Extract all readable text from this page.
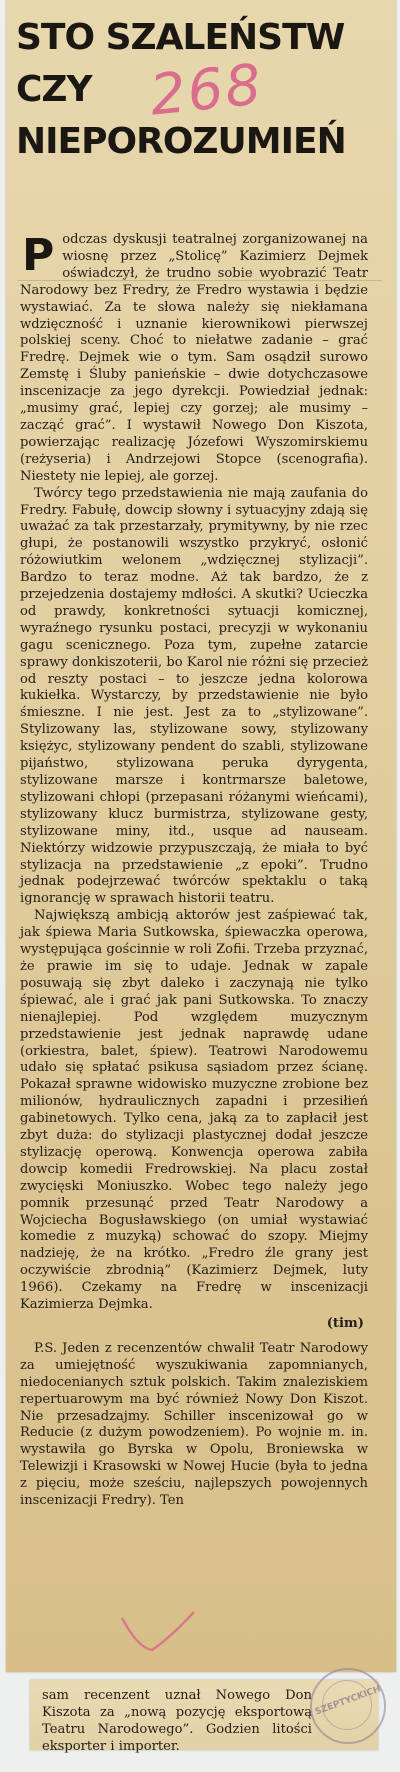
STO SZALEŃSTW
CZY
NIEPOROZUMIEŃ
268
P odczas dyskusji teatralnej zorganizowanej na wiosnę przez „Stolicę” Kazimierz Dejmek oświadczył, że trudno sobie wyobrazić Teatr Narodowy bez Fredry, że Fredro wystawia i będzie wystawiać. Za te słowa należy się niekłamana wdzięczność i uznanie kierownikowi pierwszej polskiej sceny. Choć to niełatwe zadanie – grać Fredrę. Dejmek wie o tym. Sam osądził surowo Zemstę i Śluby panieńskie – dwie dotychczasowe inscenizacje za jego dyrekcji. Powiedział jednak: „musimy grać, lepiej czy gorzej; ale musimy – zacząć grać”. I wystawił Nowego Don Kiszota, powierzając realizację Józefowi Wyszomirskiemu (reżyseria) i Andrzejowi Stopce (scenografia). Niestety nie lepiej, ale gorzej.

Twórcy tego przedstawienia nie mają zaufania do Fredry. Fabułę, dowcip słowny i sytuacyjny zdają się uważać za tak przestarzały, prymitywny, by nie rzec głupi, że postanowili wszystko przykryć, osłonić różowiutkim welonem „wdzięcznej stylizacji”. Bardzo to teraz modne. Aż tak bardzo, że z przejedzenia dostajemy mdłości. A skutki? Ucieczka od prawdy, konkretności sytuacji komicznej, wyraźnego rysunku postaci, precyzji w wykonaniu gagu scenicznego. Poza tym, zupełne zatarcie sprawy donkiszoterii, bo Karol nie różni się przecież od reszty postaci – to jeszcze jedna kolorowa kukiełka. Wystarczy, by przedstawienie nie było śmieszne. I nie jest. Jest za to „stylizowane”. Stylizowany las, stylizowane sowy, stylizowany księżyc, stylizowany pendent do szabli, stylizowane pijaństwo, stylizowana peruka dyrygenta, stylizowane marsze i kontrmarsze baletowe, stylizowani chłopi (przepasani różanymi wieńcami), stylizowany klucz burmistrza, stylizowane gesty, stylizowane miny, itd., usque ad nauseam. Niektórzy widzowie przypuszczają, że miała to być stylizacja na przedstawienie „z epoki”. Trudno jednak podejrzewać twórców spektaklu o taką ignorancję w sprawach historii teatru.

Największą ambicją aktorów jest zaśpiewać tak, jak śpiewa Maria Sutkowska, śpiewaczka operowa, występująca gościnnie w roli Zofii. Trzeba przyznać, że prawie im się to udaje. Jednak w zapale posuwają się zbyt daleko i zaczynają nie tylko śpiewać, ale i grać jak pani Sutkowska. To znaczy nienajlepiej. Pod względem muzycznym przedstawienie jest jednak naprawdę udane (orkiestra, balet, śpiew). Teatrowi Narodowemu udało się spłatać psikusa sąsiadom przez ścianę. Pokazał sprawne widowisko muzyczne zrobione bez milionów, hydraulicznych zapadni i przesiłień gabinetowych. Tylko cena, jaką za to zapłacił jest zbyt duża: do stylizacji plastycznej dodał jeszcze stylizację operową. Konwencja operowa zabiła dowcip komedii Fredrowskiej. Na placu został zwycięski Moniuszko. Wobec tego należy jego pomnik przesunąć przed Teatr Narodowy a Wojciecha Bogusławskiego (on umiał wystawiać komedie z muzyką) schować do szopy. Miejmy nadzieję, że na krótko. „Fredro źle grany jest oczywiście zbrodnią” (Kazimierz Dejmek, luty 1966). Czekamy na Fredrę w inscenizacji Kazimierza Dejmka.

(tim)

P.S. Jeden z recenzentów chwalił Teatr Narodowy za umiejętność wyszukiwania zapomnianych, niedocenianych sztuk polskich. Takim znaleziskiem repertuarowym ma być również Nowy Don Kiszot. Nie przesadzajmy. Schiller inscenizował go w Reducie (z dużym powodzeniem). Po wojnie m. in. wystawiła go Byrska w Opolu, Broniewska w Telewizji i Krasowski w Nowej Hucie (była to jedna z pięciu, może sześciu, najlepszych powojennych inscenizacji Fredry). Ten

sam recenzent uznał Nowego Don Kiszota za „nową pozycję eksportową Teatru Narodowego”. Godzien litości eksporter i importer.

SZEPTYCKICH
